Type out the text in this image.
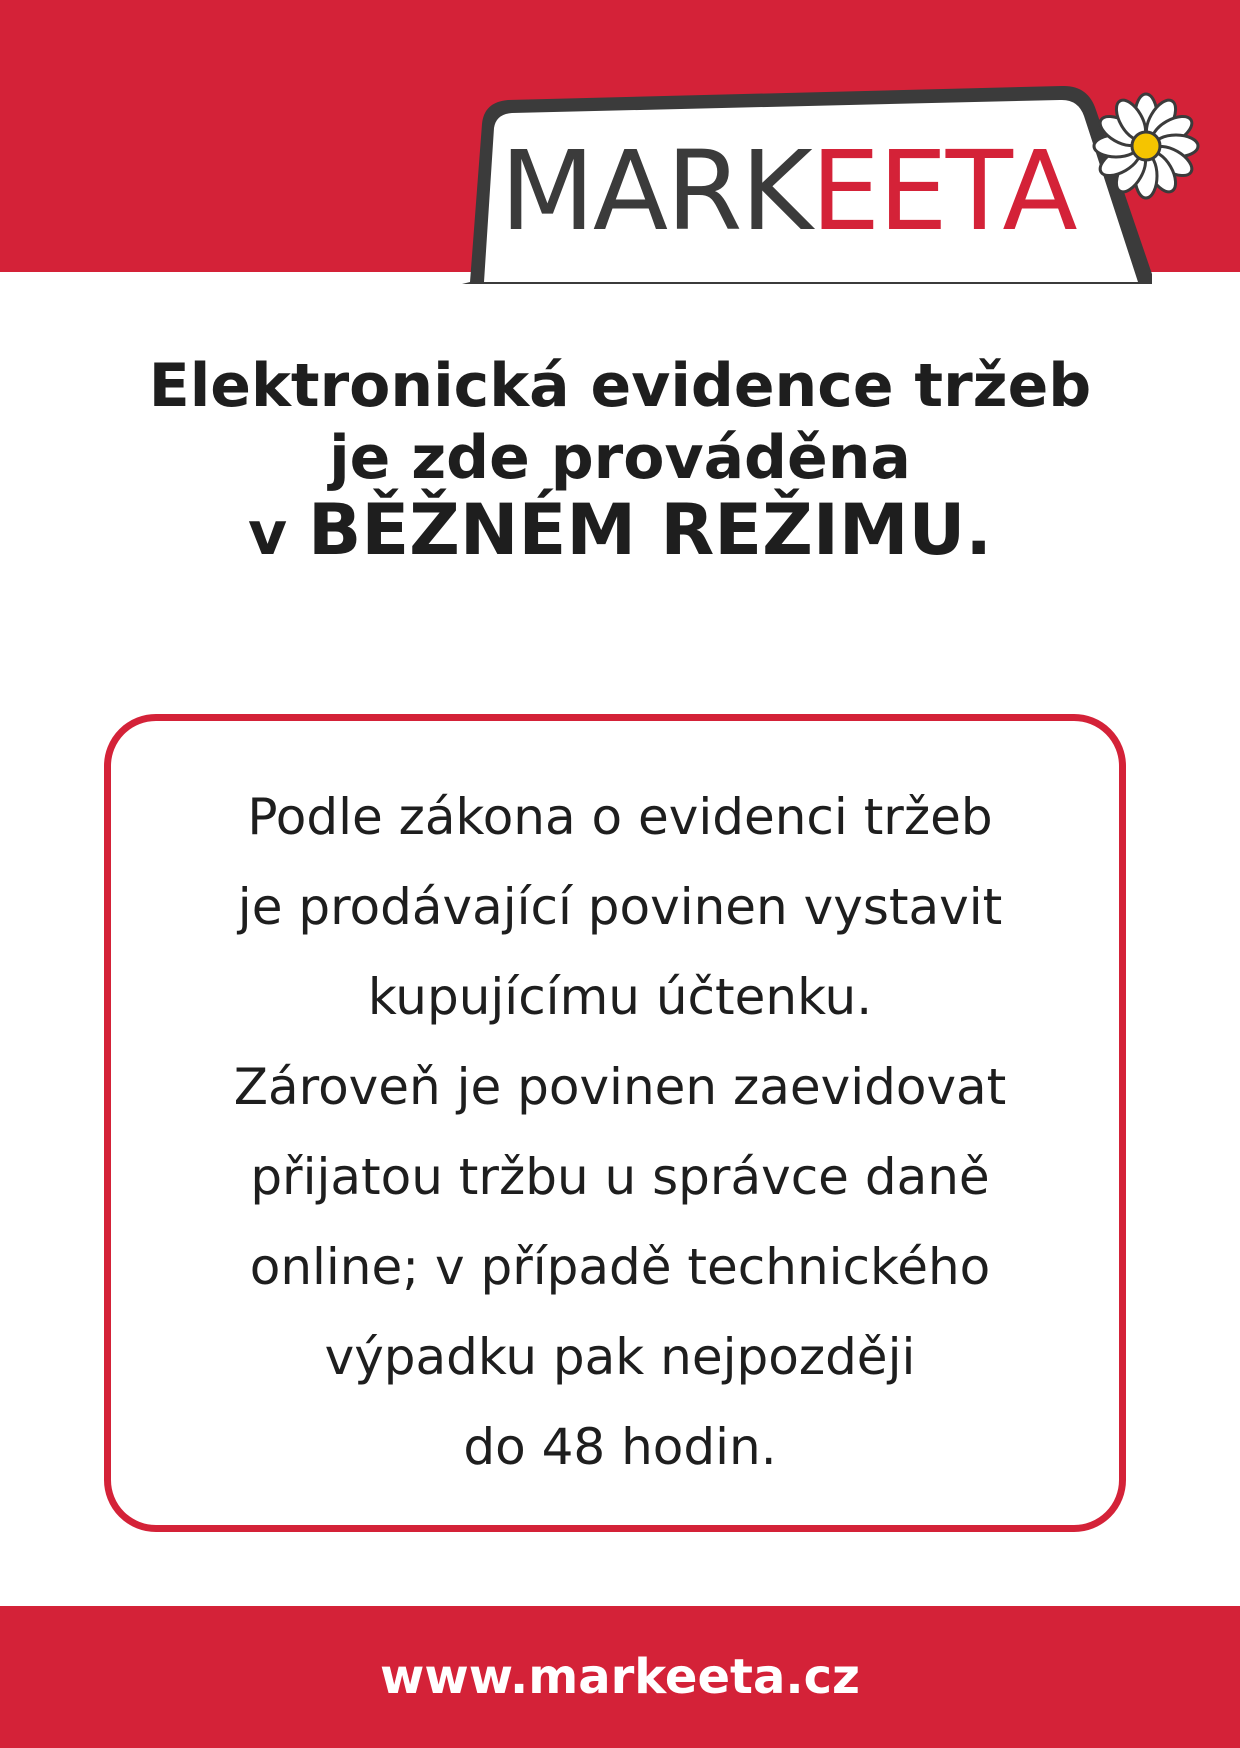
MARKEETA
Elektronická evidence tržeb
je zde prováděna
v BĚŽNÉM REŽIMU.
Podle zákona o evidenci tržeb
je prodávající povinen vystavit
kupujícímu účtenku.
Zároveň je povinen zaevidovat
přijatou tržbu u správce daně
online; v případě technického
výpadku pak nejpozději
do 48 hodin.
www.markeeta.cz
